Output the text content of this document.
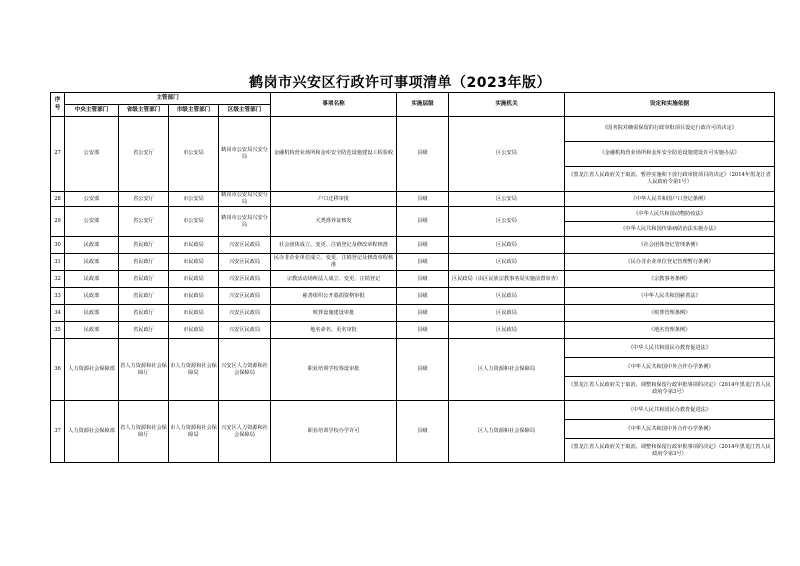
鹤岗市兴安区行政许可事项清单（2023年版）
序号	主管部门				事项名称	实施层级	实施机关	设定和实施依据
	中央主管部门	省级主管部门	市级主管部门	区级主管部门				
27	公安部	省公安厅	市公安局	鹤岗市公安局兴安分局	金融机构营业场所和金库安全防范设施建设工程验收	县级	区公安局	《国务院对确需保留的行政审批项目设定行政许可的决定》
								《金融机构营业场所和金库安全防范设施建设许可实施办法》
								《黑龙江省人民政府关于取消、暂停实施和下放行政审批项目的决定》（2014年黑龙江省人民政府令第1号）
28	公安部	省公安厅	市公安局	鹤岗市公安局兴安分局	户口迁移审批	县级	区公安局	《中华人民共和国户口登记条例》
29	公安部	省公安厅	市公安局	鹤岗市公安局兴安分局	犬类准养证核发	县级	区公安局	《中华人民共和国动物防疫法》
								《中华人民共和国传染病防治法实施办法》
30	民政部	省民政厅	市民政局	兴安区民政局	社会团体成立、变更、注销登记及修改章程核准	县级	区民政局	《社会团体登记管理条例》
31	民政部	省民政厅	市民政局	兴安区民政局	民办非企业单位成立、变更、注销登记及修改章程核准	县级	区民政局	《民办非企业单位登记管理暂行条例》
32	民政部	省民政厅	市民政局	兴安区民政局	宗教活动场所法人成立、变更、注销登记	县级	区民政局（由区民族宗教事务局实施前置审查）	《宗教事务条例》
33	民政部	省民政厅	市民政局	兴安区民政局	慈善组织公开募捐资格审批	县级	区民政局	《中华人民共和国慈善法》
34	民政部	省民政厅	市民政局	兴安区民政局	殡葬设施建设审批	县级	区民政局	《殡葬管理条例》
35	民政部	省民政厅	市民政局	兴安区民政局	地名命名、更名审批	县级	区民政局	《地名管理条例》
36	人力资源社会保障部	省人力资源和社会保障厅	市人力资源和社会保障局	兴安区人力资源和社会保障局	职业培训学校筹设审批	县级	区人力资源和社会保障局	《中华人民共和国民办教育促进法》
								《中华人民共和国中外合作办学条例》
								《黑龙江省人民政府关于取消、调整和保留行政审批事项的决定》（2014年黑龙江省人民政府令第3号）
37	人力资源社会保障部	省人力资源和社会保障厅	市人力资源和社会保障局	兴安区人力资源和社会保障局	职业培训学校办学许可	县级	区人力资源和社会保障局	《中华人民共和国民办教育促进法》
								《中华人民共和国中外合作办学条例》
								《黑龙江省人民政府关于取消、调整和保留行政审批事项的决定》（2014年黑龙江省人民政府令第3号）
